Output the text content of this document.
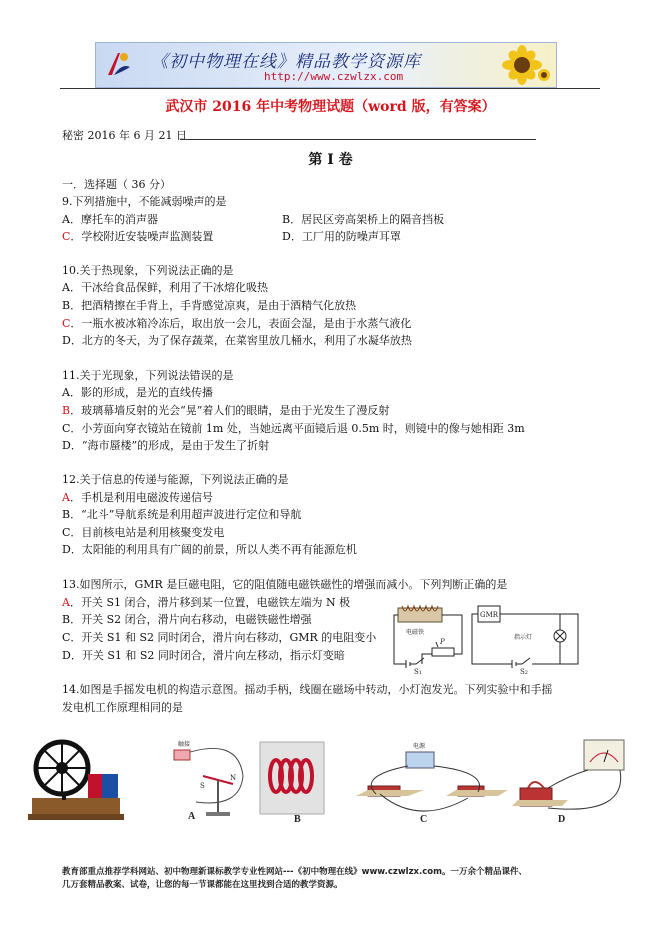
《初中物理在线》精品教学资源库
http://www.czwlzx.com
武汉市 2016 年中考物理试题（word 版，有答案）
秘密 2016 年 6 月 21 日
第 I 卷
一．选择题（ 36 分）
9.下列措施中，不能减弱噪声的是
A．摩托车的消声器	B．居民区旁高架桥上的隔音挡板
C．学校附近安装噪声监测装置	D．工厂用的防噪声耳罩
10.关于热现象，下列说法正确的是
A．干冰给食品保鲜，利用了干冰熔化吸热
B．把酒精擦在手背上，手背感觉凉爽，是由于酒精气化放热
C．一瓶水被冰箱冷冻后，取出放一会儿，表面会湿，是由于水蒸气液化
D．北方的冬天，为了保存蔬菜，在菜窖里放几桶水，利用了水凝华放热
11.关于光现象，下列说法错误的是
A．影的形成，是光的直线传播
B．玻璃幕墙反射的光会“晃”着人们的眼睛，是由于光发生了漫反射
C．小芳面向穿衣镜站在镜前 1m 处，当她远离平面镜后退 0.5m 时，则镜中的像与她相距 3m
D．“海市蜃楼”的形成，是由于发生了折射
12.关于信息的传递与能源，下列说法正确的是
A．手机是利用电磁波传递信号
B．“北斗”导航系统是利用超声波进行定位和导航
C．目前核电站是利用核聚变发电
D．太阳能的利用具有广阔的前景，所以人类不再有能源危机
13.如图所示，GMR 是巨磁电阻，它的阻值随电磁铁磁性的增强而减小。下列判断正确的是
A．开关 S1 闭合，滑片移到某一位置，电磁铁左端为 N 极
B．开关 S2 闭合，滑片向右移动，电磁铁磁性增强
C．开关 S1 和 S2 同时闭合，滑片向右移动，GMR 的电阻变小
D．开关 S1 和 S2 同时闭合，滑片向左移动，指示灯变暗
电磁铁
GMR
指示灯
P
S1	S2
14.如图是手摇发电机的构造示意图。摇动手柄，线圈在磁场中转动，小灯泡发光。下列实验中和手摇
发电机工作原理相同的是
触接
N
S
A	B
电源
C	D
教育部重点推荐学科网站、初中物理新课标教学专业性网站---《初中物理在线》www.czwlzx.com。一万余个精品课件、
几万套精品教案、试卷，让您的每一节课都能在这里找到合适的教学资源。
